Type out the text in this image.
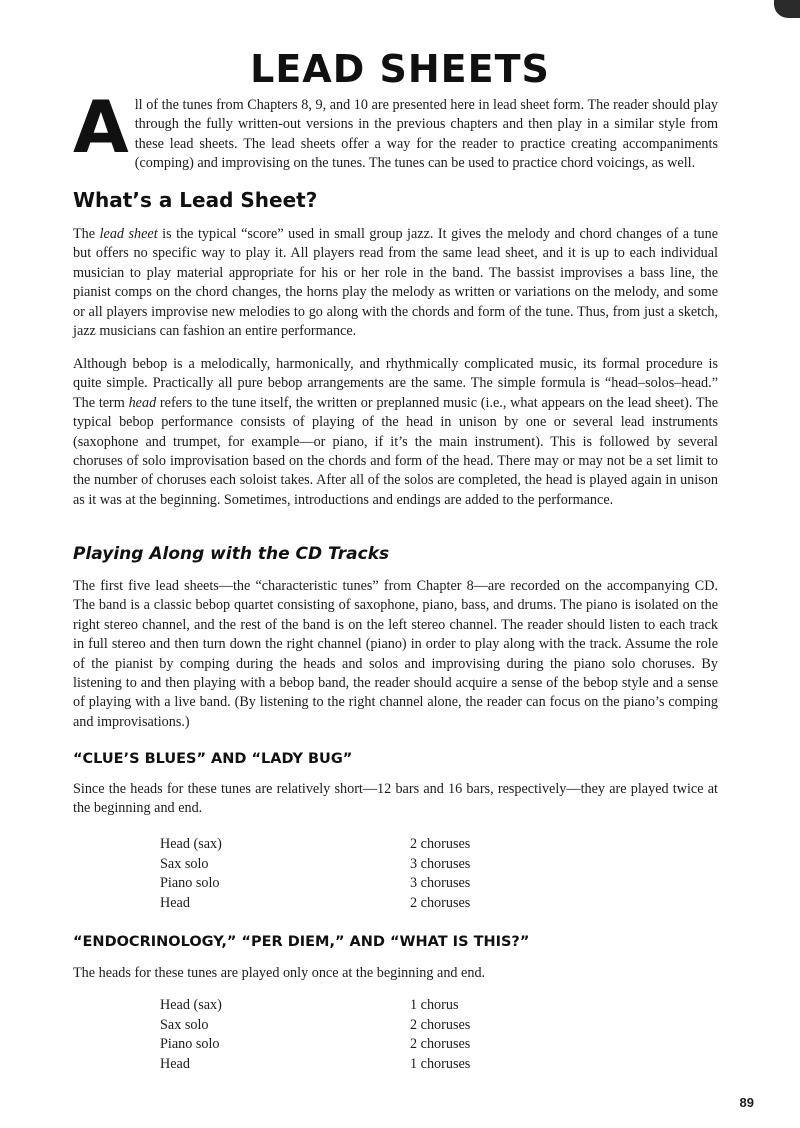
LEAD SHEETS

All of the tunes from Chapters 8, 9, and 10 are presented here in lead sheet form. The reader should play through the fully written-out versions in the previous chapters and then play in a similar style from these lead sheets. The lead sheets offer a way for the reader to practice creating accompaniments (comping) and improvising on the tunes. The tunes can be used to practice chord voicings, as well.

What’s a Lead Sheet?

The lead sheet is the typical “score” used in small group jazz. It gives the melody and chord changes of a tune but offers no specific way to play it. All players read from the same lead sheet, and it is up to each individual musician to play material appropriate for his or her role in the band. The bassist improvises a bass line, the pianist comps on the chord changes, the horns play the melody as written or variations on the melody, and some or all players improvise new melodies to go along with the chords and form of the tune. Thus, from just a sketch, jazz musicians can fashion an entire performance.

Although bebop is a melodically, harmonically, and rhythmically complicated music, its formal procedure is quite simple. Practically all pure bebop arrangements are the same. The simple formula is “head–solos–head.” The term head refers to the tune itself, the written or preplanned music (i.e., what appears on the lead sheet). The typical bebop performance consists of playing of the head in unison by one or several lead instruments (saxophone and trumpet, for example—or piano, if it’s the main instrument). This is followed by several choruses of solo improvisation based on the chords and form of the head. There may or may not be a set limit to the number of choruses each soloist takes. After all of the solos are completed, the head is played again in unison as it was at the beginning. Sometimes, introductions and endings are added to the performance.

Playing Along with the CD Tracks

The first five lead sheets—the “characteristic tunes” from Chapter 8—are recorded on the accompanying CD. The band is a classic bebop quartet consisting of saxophone, piano, bass, and drums. The piano is isolated on the right stereo channel, and the rest of the band is on the left stereo channel. The reader should listen to each track in full stereo and then turn down the right channel (piano) in order to play along with the track. Assume the role of the pianist by comping during the heads and solos and improvising during the piano solo choruses. By listening to and then playing with a bebop band, the reader should acquire a sense of the bebop style and a sense of playing with a live band. (By listening to the right channel alone, the reader can focus on the piano’s comping and improvisations.)

“CLUE’S BLUES” AND “LADY BUG”

Since the heads for these tunes are relatively short—12 bars and 16 bars, respectively—they are played twice at the beginning and end.

Head (sax)	2 choruses
Sax solo	3 choruses
Piano solo	3 choruses
Head	2 choruses
“ENDOCRINOLOGY,” “PER DIEM,” AND “WHAT IS THIS?”

The heads for these tunes are played only once at the beginning and end.

Head (sax)	1 chorus
Sax solo	2 choruses
Piano solo	2 choruses
Head	1 choruses
89
